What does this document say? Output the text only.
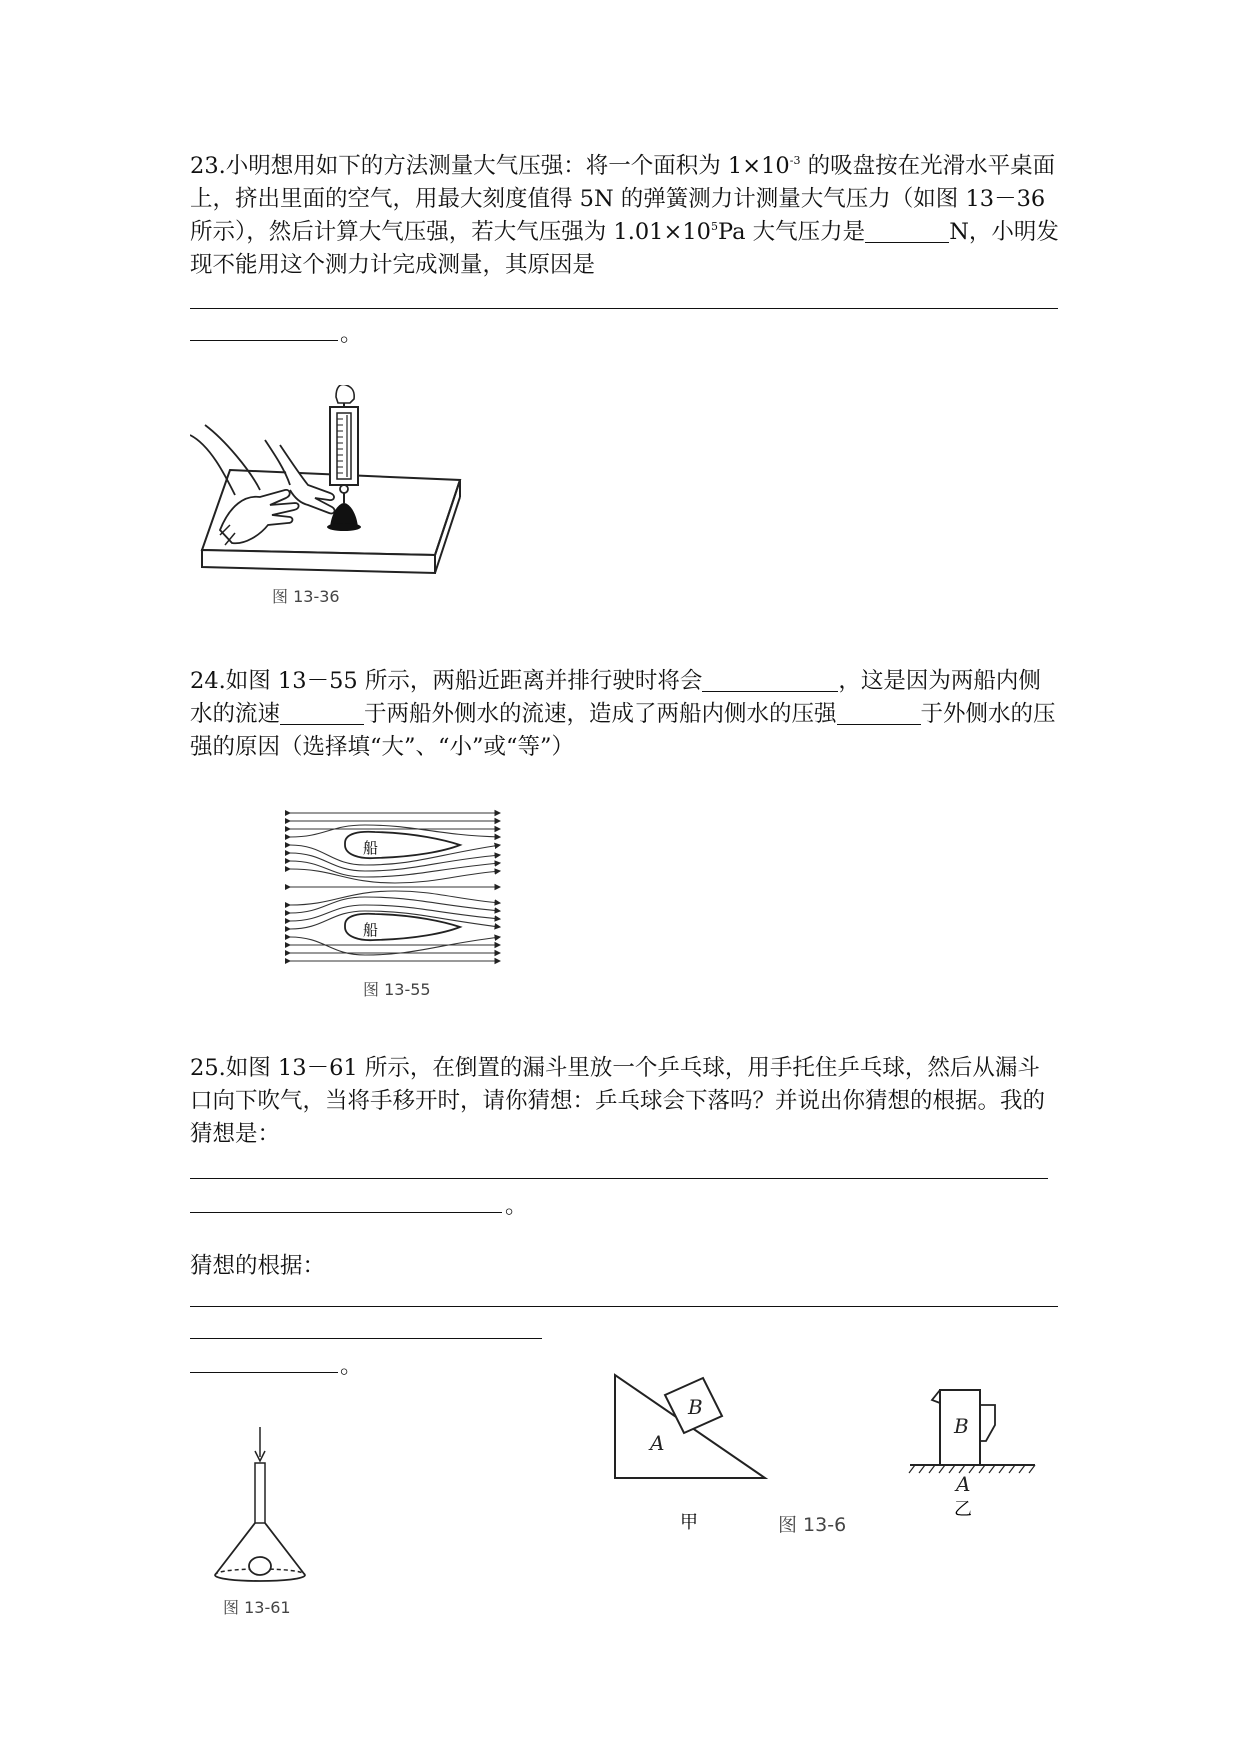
23.小明想用如下的方法测量大气压强：将一个面积为 $1\times 10^{-3}$ 的吸盘按在光滑水平桌面上，挤出里面的空气，用最大刻度值得 5N 的弹簧测力计测量大气压力（如图 13－36 所示），然后计算大气压强，若大气压强为 $1.01\times 10^5Pa$ 大气压力是	N，小明发现不能用这个测力计完成测量，其原因是

。
图 13-36

24.如图 13－55 所示，两船近距离并排行驶时将会	，这是因为两船内侧水的流速	于两船外侧水的流速，造成了两船内侧水的压强	于外侧水的压强的原因（选择填“大”、“小”或“等”）

船
船
图 13-55

25.如图 13－61 所示，在倒置的漏斗里放一个乒乓球，用手托住乒乓球，然后从漏斗口向下吹气，当将手移开时，请你猜想：乒乓球会下落吗？并说出你猜想的根据。我的猜想是：

。

猜想的根据：

。
图 13-61
B
A
甲
B
A
乙
图 13-6
